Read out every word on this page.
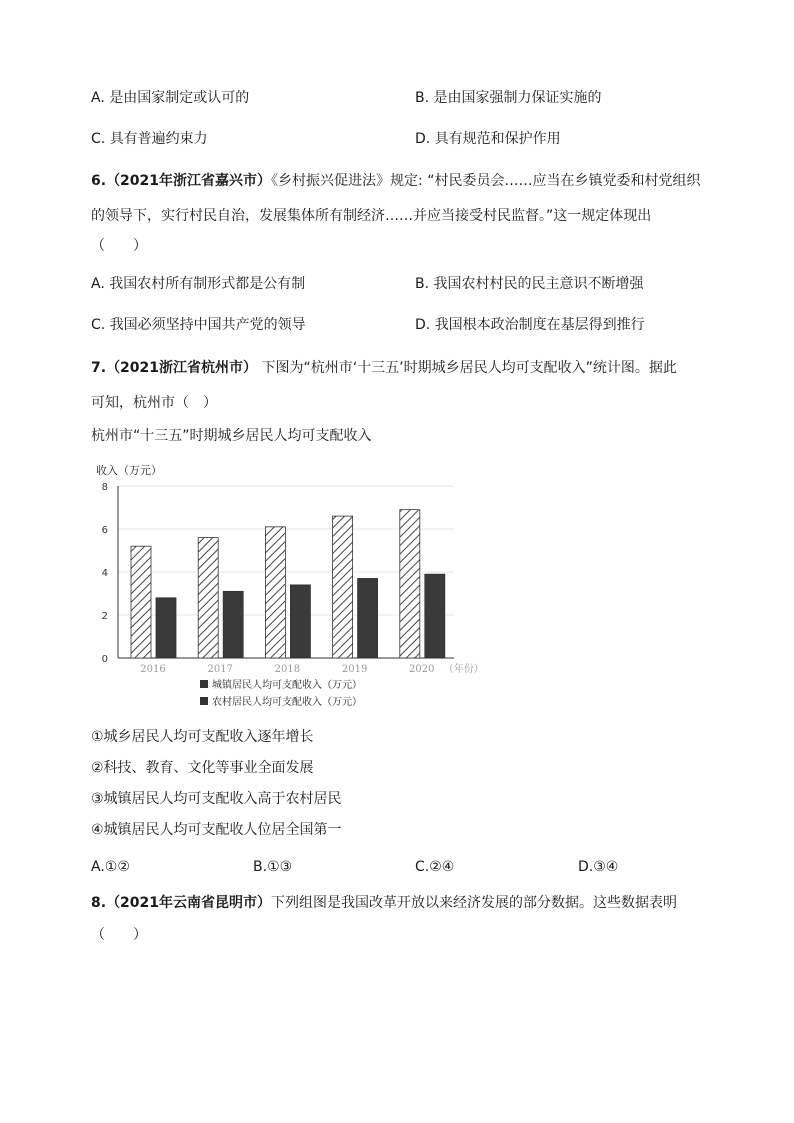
A. 是由国家制定或认可的	B. 是由国家强制力保证实施的
C. 具有普遍约束力	D. 具有规范和保护作用
6.（2021年浙江省嘉兴市）《乡村振兴促进法》规定: “村民委员会……应当在乡镇党委和村党组织
的领导下，实行村民自治，发展集体所有制经济……并应当接受村民监督。”这一规定体现出
（　　）
A. 我国农村所有制形式都是公有制	B. 我国农村村民的民主意识不断增强
C. 我国必须坚持中国共产党的领导	D. 我国根本政治制度在基层得到推行
7.（2021浙江省杭州市） 下图为“杭州市‘十三五’时期城乡居民人均可支配收入”统计图。据此
可知，杭州市（　）
杭州市“十三五”时期城乡居民人均可支配收入
收入（万元）
0
2
4
6
8
2016	2017	2018	2019	2020 （年份）
城镇居民人均可支配收入（万元）
农村居民人均可支配收入（万元）
①城乡居民人均可支配收入逐年增长
②科技、教育、文化等事业全面发展
③城镇居民人均可支配收入高于农村居民
④城镇居民人均可支配收人位居全国第一
A.①②	B.①③	C.②④	D.③④
8.（2021年云南省昆明市）下列组图是我国改革开放以来经济发展的部分数据。这些数据表明
（　　）
